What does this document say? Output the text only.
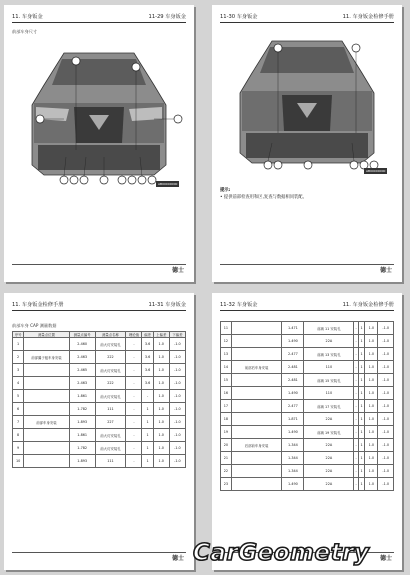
11. 车身钣金	11-29 车身钣金
前部车身尺寸
AB00000000
德士
11-30 车身钣金	11. 车身钣金检修手册
AB00000000
提示:
• 提供前部检查用和区,复查与数据相同装配。
德士
11. 车身钣金检修手册	11-31 车身钣金
前部车身 CAP 测量数据
序号	测量点位置	测量点编号	测量点名称	理论值	偏差	上偏差	下偏差
1		2-460	前大灯安装孔	-	3.6	1.0	-1.0
2	前部翼子板车身安装	2-463	222	-	3.6	1.0	-1.0
3		2-465	前大灯安装孔	-	3.6	1.0	-1.0
4		2-463	222	-	3.6	1.0	-1.0
5		1-861	前大灯安装孔	-	-	1.0	-1.0
6		1-782	111	-	1	1.0	-1.0
7	前部车身安装	1-893	227	-	1	1.0	-1.0
8		1-861	前大灯安装孔	-	1	1.0	-1.0
9		1-782	前大灯安装孔	-	1	1.0	-1.0
10		1-893	111	-	1	1.0	-1.0
德士
11-32 车身钣金	11. 车身钣金检修手册
11		1-471	前减 11 安装孔	-	1	1.0	-1.0
12		1-490	22A	-	1	1.0	-1.0
13		2-477	前减 13 安装孔	-	1	1.0	-1.0
14	前部后车身安装	2-481	110	-	1	1.0	-1.0
15		2-481	前减 15 安装孔	-	1	1.0	-1.0
16		1-490	110	-	1	1.0	-1.0
17		2-477	前减 17 安装孔	-	1	1.0	-1.0
18		1-871	22A	-	1	1.0	-1.0
19		1-490	前减 19 安装孔	-	1	1.0	-1.0
20	后部前车身安装	1-344	22A	-	1	1.0	-1.0
21		1-344	22A	-	1	1.0	-1.0
22		1-344	22A	-	1	1.0	-1.0
23		1-490	22A	-	1	1.0	-1.0
德士
CarGeometry
